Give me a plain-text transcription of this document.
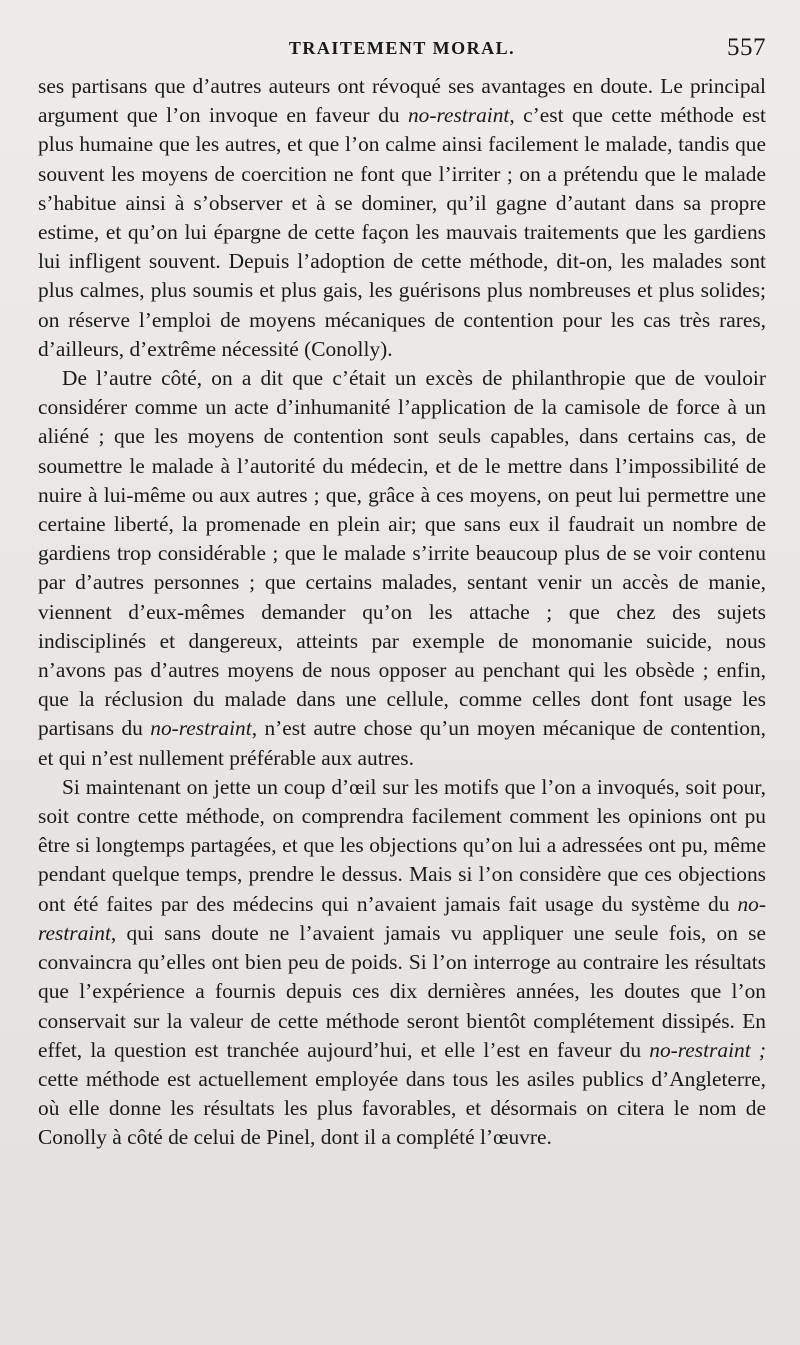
TRAITEMENT MORAL.	557

ses partisans que d’autres auteurs ont révoqué ses avantages en doute. Le principal argument que l’on invoque en faveur du no-restraint, c’est que cette méthode est plus humaine que les autres, et que l’on calme ainsi facilement le malade, tandis que souvent les moyens de coercition ne font que l’irriter ; on a prétendu que le malade s’habitue ainsi à s’observer et à se dominer, qu’il gagne d’autant dans sa propre estime, et qu’on lui épargne de cette façon les mauvais traitements que les gardiens lui infligent souvent. Depuis l’adoption de cette méthode, dit-on, les malades sont plus calmes, plus soumis et plus gais, les guérisons plus nombreuses et plus solides; on réserve l’emploi de moyens mécaniques de contention pour les cas très rares, d’ailleurs, d’extrême nécessité (Conolly).

De l’autre côté, on a dit que c’était un excès de philanthropie que de vouloir considérer comme un acte d’inhumanité l’application de la camisole de force à un aliéné ; que les moyens de contention sont seuls capables, dans certains cas, de soumettre le malade à l’autorité du médecin, et de le mettre dans l’impossibilité de nuire à lui-même ou aux autres ; que, grâce à ces moyens, on peut lui permettre une certaine liberté, la promenade en plein air; que sans eux il faudrait un nombre de gardiens trop considérable ; que le malade s’irrite beaucoup plus de se voir contenu par d’autres personnes ; que certains malades, sentant venir un accès de manie, viennent d’eux-mêmes demander qu’on les attache ; que chez des sujets indisciplinés et dangereux, atteints par exemple de monomanie suicide, nous n’avons pas d’autres moyens de nous opposer au penchant qui les obsède ; enfin, que la réclusion du malade dans une cellule, comme celles dont font usage les partisans du no-restraint, n’est autre chose qu’un moyen mécanique de contention, et qui n’est nullement préférable aux autres.

Si maintenant on jette un coup d’œil sur les motifs que l’on a invoqués, soit pour, soit contre cette méthode, on comprendra facilement comment les opinions ont pu être si longtemps partagées, et que les objections qu’on lui a adressées ont pu, même pendant quelque temps, prendre le dessus. Mais si l’on considère que ces objections ont été faites par des médecins qui n’avaient jamais fait usage du système du no-restraint, qui sans doute ne l’avaient jamais vu appliquer une seule fois, on se convaincra qu’elles ont bien peu de poids. Si l’on interroge au contraire les résultats que l’expérience a fournis depuis ces dix dernières années, les doutes que l’on conservait sur la valeur de cette méthode seront bientôt complétement dissipés. En effet, la question est tranchée aujourd’hui, et elle l’est en faveur du no-restraint ; cette méthode est actuellement employée dans tous les asiles publics d’Angleterre, où elle donne les résultats les plus favorables, et désormais on citera le nom de Conolly à côté de celui de Pinel, dont il a complété l’œuvre.
